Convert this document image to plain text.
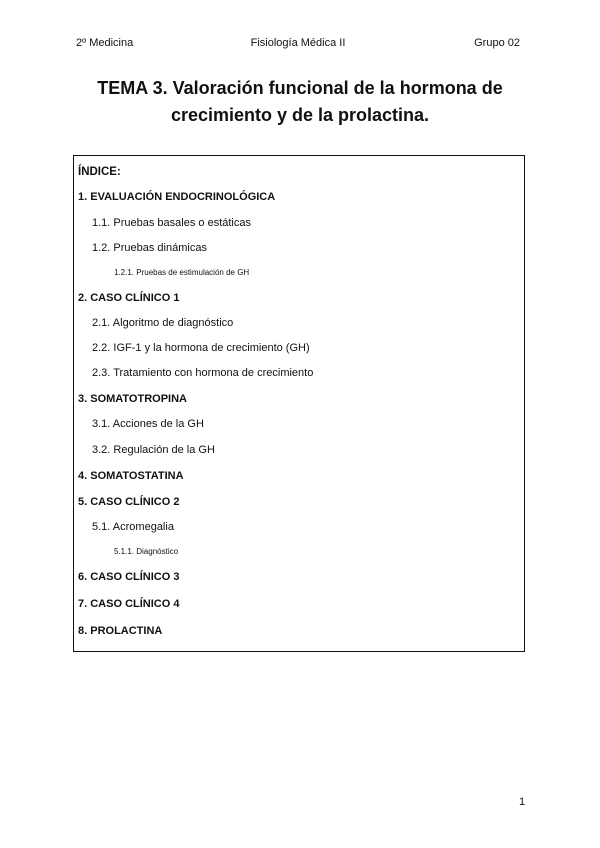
2º Medicina	Fisiología Médica II	Grupo 02
TEMA 3. Valoración funcional de la hormona de
crecimiento y de la prolactina.
ÍNDICE:
1. EVALUACIÓN ENDOCRINOLÓGICA
1.1. Pruebas basales o estáticas
1.2. Pruebas dinámicas
1.2.1. Pruebas de estimulación de GH
2. CASO CLÍNICO 1
2.1. Algoritmo de diagnóstico
2.2. IGF-1 y la hormona de crecimiento (GH)
2.3. Tratamiento con hormona de crecimiento
3. SOMATOTROPINA
3.1. Acciones de la GH
3.2. Regulación de la GH
4. SOMATOSTATINA
5. CASO CLÍNICO 2
5.1. Acromegalia
5.1.1. Diagnóstico
6. CASO CLÍNICO 3
7. CASO CLÍNICO 4
8. PROLACTINA
1
